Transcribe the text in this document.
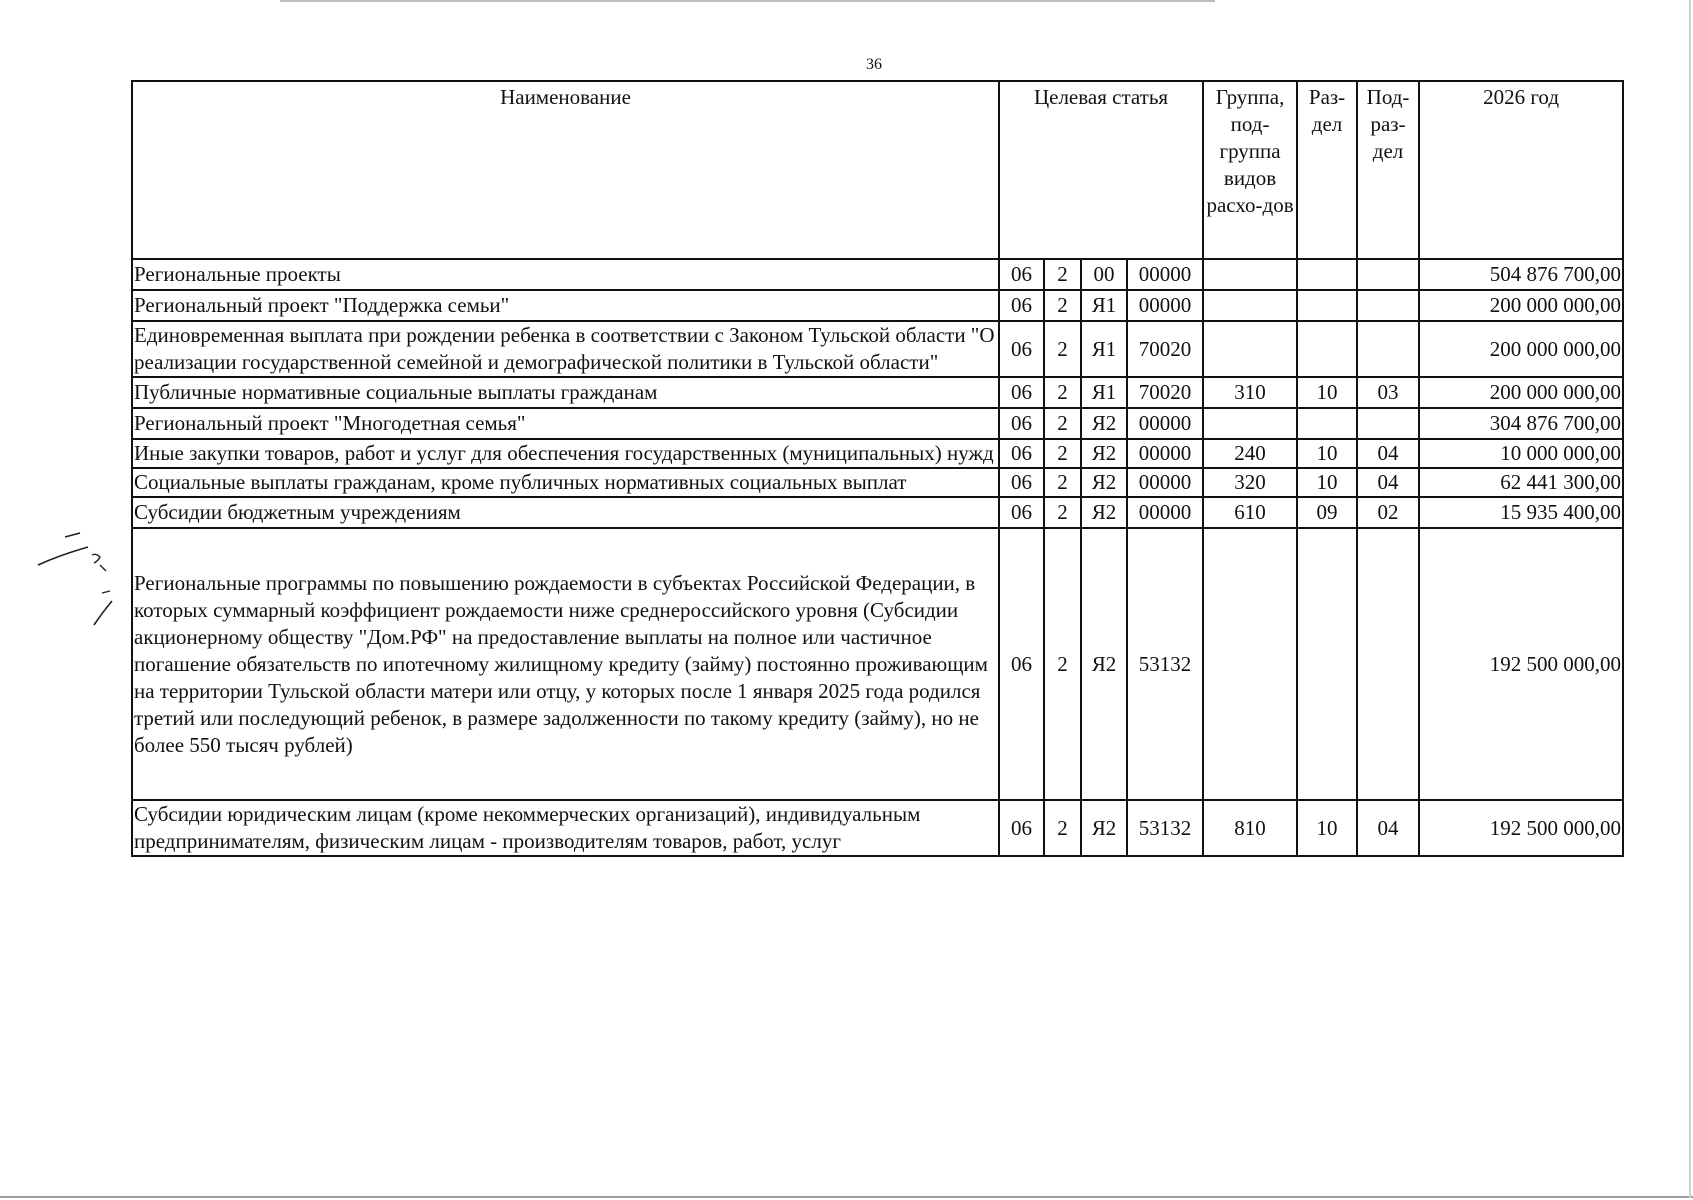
36
Наименование	Целевая статья				Группа, под-группа видов расхо-дов	Раз-дел	Под-раз-дел	2026 год
Региональные проекты	06	2	00	00000				504 876 700,00
Региональный проект "Поддержка семьи"	06	2	Я1	00000				200 000 000,00
Единовременная выплата при рождении ребенка в соответствии с Законом Тульской области "О реализации государственной семейной и демографической политики в Тульской области"	06	2	Я1	70020				200 000 000,00
Публичные нормативные социальные выплаты гражданам	06	2	Я1	70020	310	10	03	200 000 000,00
Региональный проект "Многодетная семья"	06	2	Я2	00000				304 876 700,00
Иные закупки товаров, работ и услуг для обеспечения государственных (муниципальных) нужд	06	2	Я2	00000	240	10	04	10 000 000,00
Социальные выплаты гражданам, кроме публичных нормативных социальных выплат	06	2	Я2	00000	320	10	04	62 441 300,00
Субсидии бюджетным учреждениям	06	2	Я2	00000	610	09	02	15 935 400,00
Региональные программы по повышению рождаемости в субъектах Российской Федерации, в которых суммарный коэффициент рождаемости ниже среднероссийского уровня (Субсидии акционерному обществу "Дом.РФ" на предоставление выплаты на полное или частичное погашение обязательств по ипотечному жилищному кредиту (займу) постоянно проживающим на территории Тульской области матери или отцу, у которых после 1 января 2025 года родился третий или последующий ребенок, в размере задолженности по такому кредиту (займу), но не более 550 тысяч рублей)	06	2	Я2	53132				192 500 000,00
Субсидии юридическим лицам (кроме некоммерческих организаций), индивидуальным предпринимателям, физическим лицам - производителям товаров, работ, услуг	06	2	Я2	53132	810	10	04	192 500 000,00
